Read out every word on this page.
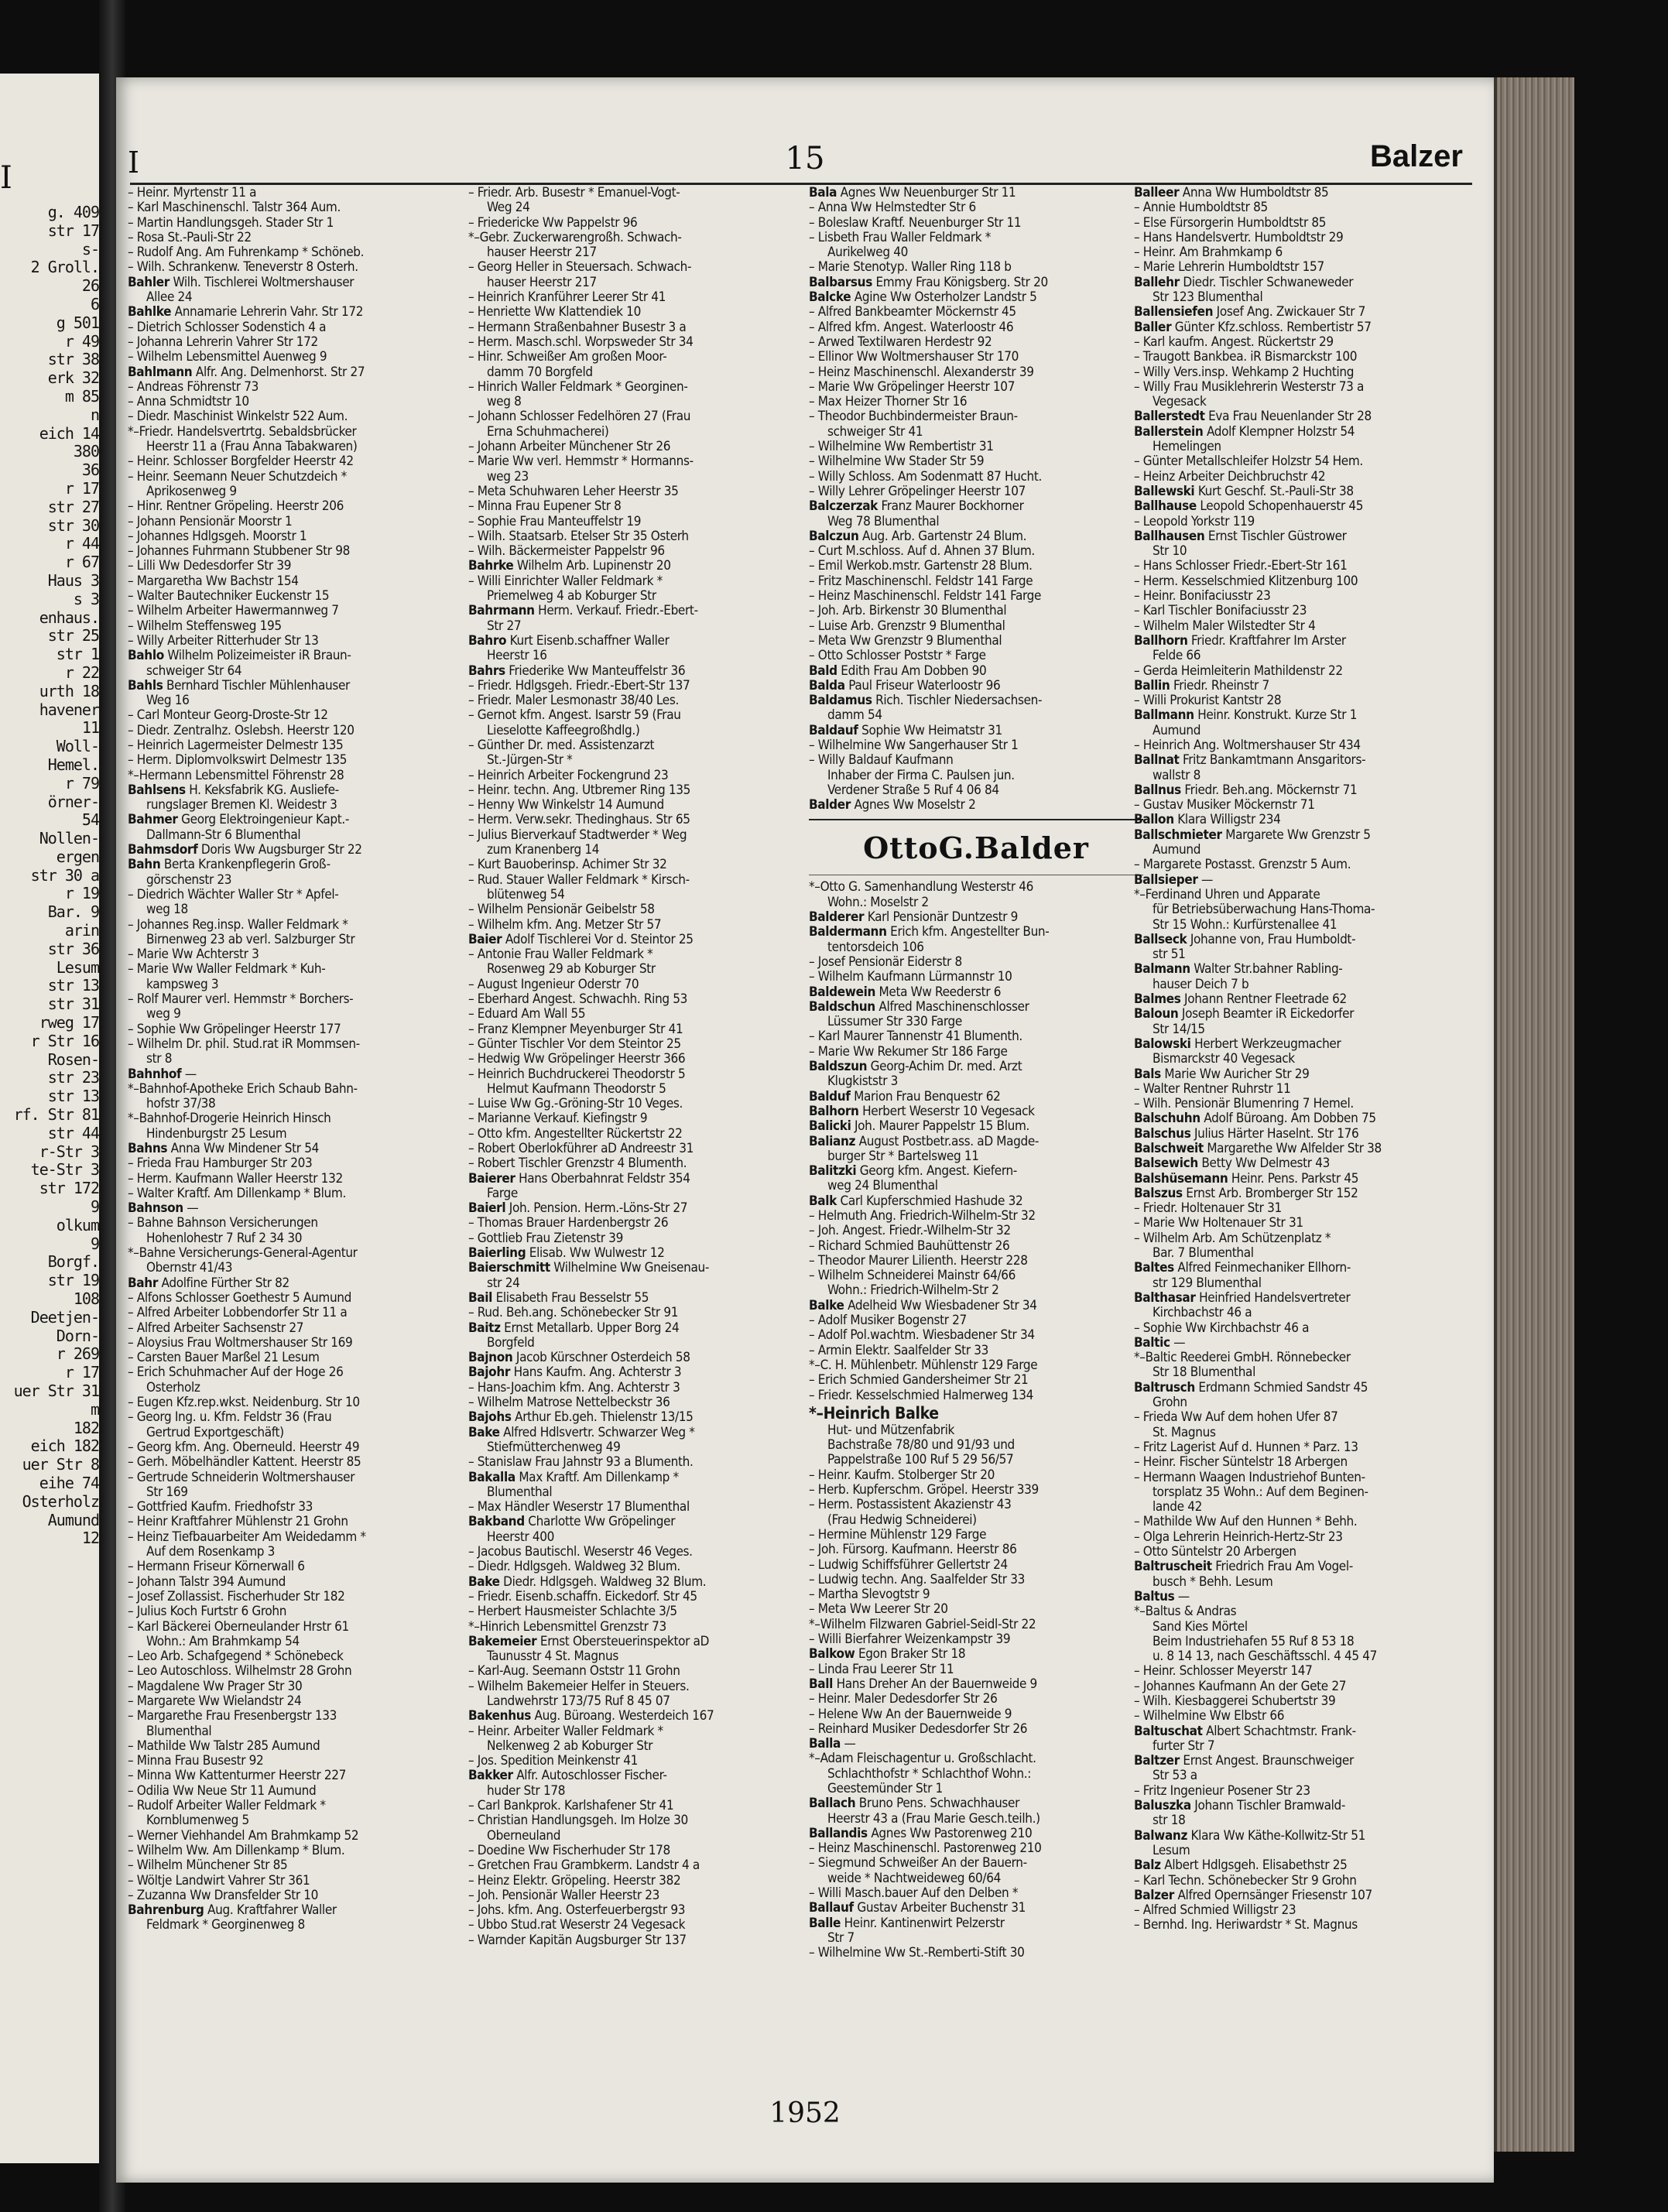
I
g. 409
str 17
s-
2 Groll.
26
6
g 501
r 49
str 38
erk 32
m 85
n
eich 14
380
36
r 17
str 27
str 30
r 44
r 67
Haus 3
s 3
enhaus.
str 25
str 1
r 22
urth 18
havener
11
Woll-
Hemel.
r 79
örner-
54
Nollen-
ergen
str 30 a
r 19
Bar. 9
arin
str 36
Lesum
str 13
str 31
rweg 17
r Str 16
Rosen-
str 23
str 13
rf. Str 81
str 44
r-Str 3
te-Str 3
str 172
9
olkum
9
Borgf.
str 19
108
Deetjen-
Dorn-
r 269
r 17
uer Str 31
m
182
eich 182
uer Str 8
eihe 74
Osterholz
Aumund
12
I	15	Balzer
– Heinr. Myrtenstr 11 a
– Karl Maschinenschl. Talstr 364 Aum.
– Martin Handlungsgeh. Stader Str 1
– Rosa St.-Pauli-Str 22
– Rudolf Ang. Am Fuhrenkamp * Schöneb.
– Wilh. Schrankenw. Teneverstr 8 Osterh.
Bahler Wilh. Tischlerei Woltmershauser
Allee 24
Bahlke Annamarie Lehrerin Vahr. Str 172
– Dietrich Schlosser Sodenstich 4 a
– Johanna Lehrerin Vahrer Str 172
– Wilhelm Lebensmittel Auenweg 9
Bahlmann Alfr. Ang. Delmenhorst. Str 27
– Andreas Föhrenstr 73
– Anna Schmidtstr 10
– Diedr. Maschinist Winkelstr 522 Aum.
*–Friedr. Handelsvertrtg. Sebaldsbrücker
Heerstr 11 a (Frau Anna Tabakwaren)
– Heinr. Schlosser Borgfelder Heerstr 42
– Heinr. Seemann Neuer Schutzdeich *
Aprikosenweg 9
– Hinr. Rentner Gröpeling. Heerstr 206
– Johann Pensionär Moorstr 1
– Johannes Hdlgsgeh. Moorstr 1
– Johannes Fuhrmann Stubbener Str 98
– Lilli Ww Dedesdorfer Str 39
– Margaretha Ww Bachstr 154
– Walter Bautechniker Euckenstr 15
– Wilhelm Arbeiter Hawermannweg 7
– Wilhelm Steffensweg 195
– Willy Arbeiter Ritterhuder Str 13
Bahlo Wilhelm Polizeimeister iR Braun-
schweiger Str 64
Bahls Bernhard Tischler Mühlenhauser
Weg 16
– Carl Monteur Georg-Droste-Str 12
– Diedr. Zentralhz. Oslebsh. Heerstr 120
– Heinrich Lagermeister Delmestr 135
– Herm. Diplomvolkswirt Delmestr 135
*–Hermann Lebensmittel Föhrenstr 28
Bahlsens H. Keksfabrik KG. Ausliefe-
rungslager Bremen Kl. Weidestr 3
Bahmer Georg Elektroingenieur Kapt.-
Dallmann-Str 6 Blumenthal
Bahmsdorf Doris Ww Augsburger Str 22
Bahn Berta Krankenpflegerin Groß-
görschenstr 23
– Diedrich Wächter Waller Str * Apfel-
weg 18
– Johannes Reg.insp. Waller Feldmark *
Birnenweg 23 ab verl. Salzburger Str
– Marie Ww Achterstr 3
– Marie Ww Waller Feldmark * Kuh-
kampsweg 3
– Rolf Maurer verl. Hemmstr * Borchers-
weg 9
– Sophie Ww Gröpelinger Heerstr 177
– Wilhelm Dr. phil. Stud.rat iR Mommsen-
str 8
Bahnhof —
*–Bahnhof-Apotheke Erich Schaub Bahn-
hofstr 37/38
*–Bahnhof-Drogerie Heinrich Hinsch
Hindenburgstr 25 Lesum
Bahns Anna Ww Mindener Str 54
– Frieda Frau Hamburger Str 203
– Herm. Kaufmann Waller Heerstr 132
– Walter Kraftf. Am Dillenkamp * Blum.
Bahnson —
– Bahne Bahnson Versicherungen
Hohenlohestr 7 Ruf 2 34 30
*–Bahne Versicherungs-General-Agentur
Obernstr 41/43
Bahr Adolfine Fürther Str 82
– Alfons Schlosser Goethestr 5 Aumund
– Alfred Arbeiter Lobbendorfer Str 11 a
– Alfred Arbeiter Sachsenstr 27
– Aloysius Frau Woltmershauser Str 169
– Carsten Bauer Marßel 21 Lesum
– Erich Schuhmacher Auf der Hoge 26
Osterholz
– Eugen Kfz.rep.wkst. Neidenburg. Str 10
– Georg Ing. u. Kfm. Feldstr 36 (Frau
Gertrud Exportgeschäft)
– Georg kfm. Ang. Oberneuld. Heerstr 49
– Gerh. Möbelhändler Kattent. Heerstr 85
– Gertrude Schneiderin Woltmershauser
Str 169
– Gottfried Kaufm. Friedhofstr 33
– Heinr Kraftfahrer Mühlenstr 21 Grohn
– Heinz Tiefbauarbeiter Am Weidedamm *
Auf dem Rosenkamp 3
– Hermann Friseur Körnerwall 6
– Johann Talstr 394 Aumund
– Josef Zollassist. Fischerhuder Str 182
– Julius Koch Furtstr 6 Grohn
– Karl Bäckerei Oberneulander Hrstr 61
Wohn.: Am Brahmkamp 54
– Leo Arb. Schafgegend * Schönebeck
– Leo Autoschloss. Wilhelmstr 28 Grohn
– Magdalene Ww Prager Str 30
– Margarete Ww Wielandstr 24
– Margarethe Frau Fresenbergstr 133
Blumenthal
– Mathilde Ww Talstr 285 Aumund
– Minna Frau Busestr 92
– Minna Ww Kattenturmer Heerstr 227
– Odilia Ww Neue Str 11 Aumund
– Rudolf Arbeiter Waller Feldmark *
Kornblumenweg 5
– Werner Viehhandel Am Brahmkamp 52
– Wilhelm Ww. Am Dillenkamp * Blum.
– Wilhelm Münchener Str 85
– Wöltje Landwirt Vahrer Str 361
– Zuzanna Ww Dransfelder Str 10
Bahrenburg Aug. Kraftfahrer Waller
Feldmark * Georginenweg 8
– Friedr. Arb. Busestr * Emanuel-Vogt-
Weg 24
– Friedericke Ww Pappelstr 96
*–Gebr. Zuckerwarengroßh. Schwach-
hauser Heerstr 217
– Georg Heller in Steuersach. Schwach-
hauser Heerstr 217
– Heinrich Kranführer Leerer Str 41
– Henriette Ww Klattendiek 10
– Hermann Straßenbahner Busestr 3 a
– Herm. Masch.schl. Worpsweder Str 34
– Hinr. Schweißer Am großen Moor-
damm 70 Borgfeld
– Hinrich Waller Feldmark * Georginen-
weg 8
– Johann Schlosser Fedelhören 27 (Frau
Erna Schuhmacherei)
– Johann Arbeiter Münchener Str 26
– Marie Ww verl. Hemmstr * Hormanns-
weg 23
– Meta Schuhwaren Leher Heerstr 35
– Minna Frau Eupener Str 8
– Sophie Frau Manteuffelstr 19
– Wilh. Staatsarb. Etelser Str 35 Osterh
– Wilh. Bäckermeister Pappelstr 96
Bahrke Wilhelm Arb. Lupinenstr 20
– Willi Einrichter Waller Feldmark *
Priemelweg 4 ab Koburger Str
Bahrmann Herm. Verkauf. Friedr.-Ebert-
Str 27
Bahro Kurt Eisenb.schaffner Waller
Heerstr 16
Bahrs Friederike Ww Manteuffelstr 36
– Friedr. Hdlgsgeh. Friedr.-Ebert-Str 137
– Friedr. Maler Lesmonastr 38/40 Les.
– Gernot kfm. Angest. Isarstr 59 (Frau
Lieselotte Kaffeegroßhdlg.)
– Günther Dr. med. Assistenzarzt
St.-Jürgen-Str *
– Heinrich Arbeiter Fockengrund 23
– Heinr. techn. Ang. Utbremer Ring 135
– Henny Ww Winkelstr 14 Aumund
– Herm. Verw.sekr. Thedinghaus. Str 65
– Julius Bierverkauf Stadtwerder * Weg
zum Kranenberg 14
– Kurt Bauoberinsp. Achimer Str 32
– Rud. Stauer Waller Feldmark * Kirsch-
blütenweg 54
– Wilhelm Pensionär Geibelstr 58
– Wilhelm kfm. Ang. Metzer Str 57
Baier Adolf Tischlerei Vor d. Steintor 25
– Antonie Frau Waller Feldmark *
Rosenweg 29 ab Koburger Str
– August Ingenieur Oderstr 70
– Eberhard Angest. Schwachh. Ring 53
– Eduard Am Wall 55
– Franz Klempner Meyenburger Str 41
– Günter Tischler Vor dem Steintor 25
– Hedwig Ww Gröpelinger Heerstr 366
– Heinrich Buchdruckerei Theodorstr 5
Helmut Kaufmann Theodorstr 5
– Luise Ww Gg.-Gröning-Str 10 Veges.
– Marianne Verkauf. Kiefingstr 9
– Otto kfm. Angestellter Rückertstr 22
– Robert Oberlokführer aD Andreestr 31
– Robert Tischler Grenzstr 4 Blumenth.
Baierer Hans Oberbahnrat Feldstr 354
Farge
Baierl Joh. Pension. Herm.-Löns-Str 27
– Thomas Brauer Hardenbergstr 26
– Gottlieb Frau Zietenstr 39
Baierling Elisab. Ww Wulwestr 12
Baierschmitt Wilhelmine Ww Gneisenau-
str 24
Bail Elisabeth Frau Besselstr 55
– Rud. Beh.ang. Schönebecker Str 91
Baitz Ernst Metallarb. Upper Borg 24
Borgfeld
Bajnon Jacob Kürschner Osterdeich 58
Bajohr Hans Kaufm. Ang. Achterstr 3
– Hans-Joachim kfm. Ang. Achterstr 3
– Wilhelm Matrose Nettelbeckstr 36
Bajohs Arthur Eb.geh. Thielenstr 13/15
Bake Alfred Hdlsvertr. Schwarzer Weg *
Stiefmütterchenweg 49
– Stanislaw Frau Jahnstr 93 a Blumenth.
Bakalla Max Kraftf. Am Dillenkamp *
Blumenthal
– Max Händler Weserstr 17 Blumenthal
Bakband Charlotte Ww Gröpelinger
Heerstr 400
– Jacobus Bautischl. Weserstr 46 Veges.
– Diedr. Hdlgsgeh. Waldweg 32 Blum.
Bake Diedr. Hdlgsgeh. Waldweg 32 Blum.
– Friedr. Eisenb.schaffn. Eickedorf. Str 45
– Herbert Hausmeister Schlachte 3/5
*–Hinrich Lebensmittel Grenzstr 73
Bakemeier Ernst Obersteuerinspektor aD
Taunusstr 4 St. Magnus
– Karl-Aug. Seemann Oststr 11 Grohn
– Wilhelm Bakemeier Helfer in Steuers.
Landwehrstr 173/75 Ruf 8 45 07
Bakenhus Aug. Büroang. Westerdeich 167
– Heinr. Arbeiter Waller Feldmark *
Nelkenweg 2 ab Koburger Str
– Jos. Spedition Meinkenstr 41
Bakker Alfr. Autoschlosser Fischer-
huder Str 178
– Carl Bankprok. Karlshafener Str 41
– Christian Handlungsgeh. Im Holze 30
Oberneuland
– Doedine Ww Fischerhuder Str 178
– Gretchen Frau Grambkerm. Landstr 4 a
– Heinz Elektr. Gröpeling. Heerstr 382
– Joh. Pensionär Waller Heerstr 23
– Johs. kfm. Ang. Osterfeuerbergstr 93
– Ubbo Stud.rat Weserstr 24 Vegesack
– Warnder Kapitän Augsburger Str 137
Bala Agnes Ww Neuenburger Str 11
– Anna Ww Helmstedter Str 6
– Boleslaw Kraftf. Neuenburger Str 11
– Lisbeth Frau Waller Feldmark *
Aurikelweg 40
– Marie Stenotyp. Waller Ring 118 b
Balbarsus Emmy Frau Königsberg. Str 20
Balcke Agine Ww Osterholzer Landstr 5
– Alfred Bankbeamter Möckernstr 45
– Alfred kfm. Angest. Waterloostr 46
– Arwed Textilwaren Herdestr 92
– Ellinor Ww Woltmershauser Str 170
– Heinz Maschinenschl. Alexanderstr 39
– Marie Ww Gröpelinger Heerstr 107
– Max Heizer Thorner Str 16
– Theodor Buchbindermeister Braun-
schweiger Str 41
– Wilhelmine Ww Rembertistr 31
– Wilhelmine Ww Stader Str 59
– Willy Schloss. Am Sodenmatt 87 Hucht.
– Willy Lehrer Gröpelinger Heerstr 107
Balczerzak Franz Maurer Bockhorner
Weg 78 Blumenthal
Balczun Aug. Arb. Gartenstr 24 Blum.
– Curt M.schloss. Auf d. Ahnen 37 Blum.
– Emil Werkob.mstr. Gartenstr 28 Blum.
– Fritz Maschinenschl. Feldstr 141 Farge
– Heinz Maschinenschl. Feldstr 141 Farge
– Joh. Arb. Birkenstr 30 Blumenthal
– Luise Arb. Grenzstr 9 Blumenthal
– Meta Ww Grenzstr 9 Blumenthal
– Otto Schlosser Poststr * Farge
Bald Edith Frau Am Dobben 90
Balda Paul Friseur Waterloostr 96
Baldamus Rich. Tischler Niedersachsen-
damm 54
Baldauf Sophie Ww Heimatstr 31
– Wilhelmine Ww Sangerhauser Str 1
– Willy Baldauf Kaufmann
Inhaber der Firma C. Paulsen jun.
Verdener Straße 5 Ruf 4 06 84
Balder Agnes Ww Moselstr 2
OttoG.Balder
*–Otto G. Samenhandlung Westerstr 46
Wohn.: Moselstr 2
Balderer Karl Pensionär Duntzestr 9
Baldermann Erich kfm. Angestellter Bun-
tentorsdeich 106
– Josef Pensionär Eiderstr 8
– Wilhelm Kaufmann Lürmannstr 10
Baldewein Meta Ww Reederstr 6
Baldschun Alfred Maschinenschlosser
Lüssumer Str 330 Farge
– Karl Maurer Tannenstr 41 Blumenth.
– Marie Ww Rekumer Str 186 Farge
Baldszun Georg-Achim Dr. med. Arzt
Klugkiststr 3
Balduf Marion Frau Benquestr 62
Balhorn Herbert Weserstr 10 Vegesack
Balicki Joh. Maurer Pappelstr 15 Blum.
Balianz August Postbetr.ass. aD Magde-
burger Str * Bartelsweg 11
Balitzki Georg kfm. Angest. Kiefern-
weg 24 Blumenthal
Balk Carl Kupferschmied Hashude 32
– Helmuth Ang. Friedrich-Wilhelm-Str 32
– Joh. Angest. Friedr.-Wilhelm-Str 32
– Richard Schmied Bauhüttenstr 26
– Theodor Maurer Lilienth. Heerstr 228
– Wilhelm Schneiderei Mainstr 64/66
Wohn.: Friedrich-Wilhelm-Str 2
Balke Adelheid Ww Wiesbadener Str 34
– Adolf Musiker Bogenstr 27
– Adolf Pol.wachtm. Wiesbadener Str 34
– Armin Elektr. Saalfelder Str 33
*–C. H. Mühlenbetr. Mühlenstr 129 Farge
– Erich Schmied Gandersheimer Str 21
– Friedr. Kesselschmied Halmerweg 134
*–Heinrich Balke
Hut- und Mützenfabrik
Bachstraße 78/80 und 91/93 und
Pappelstraße 100 Ruf 5 29 56/57
– Heinr. Kaufm. Stolberger Str 20
– Herb. Kupferschm. Gröpel. Heerstr 339
– Herm. Postassistent Akazienstr 43
(Frau Hedwig Schneiderei)
– Hermine Mühlenstr 129 Farge
– Joh. Fürsorg. Kaufmann. Heerstr 86
– Ludwig Schiffsführer Gellertstr 24
– Ludwig techn. Ang. Saalfelder Str 33
– Martha Slevogtstr 9
– Meta Ww Leerer Str 20
*–Wilhelm Filzwaren Gabriel-Seidl-Str 22
– Willi Bierfahrer Weizenkampstr 39
Balkow Egon Braker Str 18
– Linda Frau Leerer Str 11
Ball Hans Dreher An der Bauernweide 9
– Heinr. Maler Dedesdorfer Str 26
– Helene Ww An der Bauernweide 9
– Reinhard Musiker Dedesdorfer Str 26
Balla —
*–Adam Fleischagentur u. Großschlacht.
Schlachthofstr * Schlachthof Wohn.:
Geestemünder Str 1
Ballach Bruno Pens. Schwachhauser
Heerstr 43 a (Frau Marie Gesch.teilh.)
Ballandis Agnes Ww Pastorenweg 210
– Heinz Maschinenschl. Pastorenweg 210
– Siegmund Schweißer An der Bauern-
weide * Nachtweideweg 60/64
– Willi Masch.bauer Auf den Delben *
Ballauf Gustav Arbeiter Buchenstr 31
Balle Heinr. Kantinenwirt Pelzerstr
Str 7
– Wilhelmine Ww St.-Remberti-Stift 30
Balleer Anna Ww Humboldtstr 85
– Annie Humboldtstr 85
– Else Fürsorgerin Humboldtstr 85
– Hans Handelsvertr. Humboldtstr 29
– Heinr. Am Brahmkamp 6
– Marie Lehrerin Humboldtstr 157
Ballehr Diedr. Tischler Schwaneweder
Str 123 Blumenthal
Ballensiefen Josef Ang. Zwickauer Str 7
Baller Günter Kfz.schloss. Rembertistr 57
– Karl kaufm. Angest. Rückertstr 29
– Traugott Bankbea. iR Bismarckstr 100
– Willy Vers.insp. Wehkamp 2 Huchting
– Willy Frau Musiklehrerin Westerstr 73 a
Vegesack
Ballerstedt Eva Frau Neuenlander Str 28
Ballerstein Adolf Klempner Holzstr 54
Hemelingen
– Günter Metallschleifer Holzstr 54 Hem.
– Heinz Arbeiter Deichbruchstr 42
Ballewski Kurt Geschf. St.-Pauli-Str 38
Ballhause Leopold Schopenhauerstr 45
– Leopold Yorkstr 119
Ballhausen Ernst Tischler Güstrower
Str 10
– Hans Schlosser Friedr.-Ebert-Str 161
– Herm. Kesselschmied Klitzenburg 100
– Heinr. Bonifaciusstr 23
– Karl Tischler Bonifaciusstr 23
– Wilhelm Maler Wilstedter Str 4
Ballhorn Friedr. Kraftfahrer Im Arster
Felde 66
– Gerda Heimleiterin Mathildenstr 22
Ballin Friedr. Rheinstr 7
– Willi Prokurist Kantstr 28
Ballmann Heinr. Konstrukt. Kurze Str 1
Aumund
– Heinrich Ang. Woltmershauser Str 434
Ballnat Fritz Bankamtmann Ansgaritors-
wallstr 8
Ballnus Friedr. Beh.ang. Möckernstr 71
– Gustav Musiker Möckernstr 71
Ballon Klara Willigstr 234
Ballschmieter Margarete Ww Grenzstr 5
Aumund
– Margarete Postasst. Grenzstr 5 Aum.
Ballsieper —
*–Ferdinand Uhren und Apparate
für Betriebsüberwachung Hans-Thoma-
Str 15 Wohn.: Kurfürstenallee 41
Ballseck Johanne von, Frau Humboldt-
str 51
Balmann Walter Str.bahner Rabling-
hauser Deich 7 b
Balmes Johann Rentner Fleetrade 62
Baloun Joseph Beamter iR Eickedorfer
Str 14/15
Balowski Herbert Werkzeugmacher
Bismarckstr 40 Vegesack
Bals Marie Ww Auricher Str 29
– Walter Rentner Ruhrstr 11
– Wilh. Pensionär Blumenring 7 Hemel.
Balschuhn Adolf Büroang. Am Dobben 75
Balschus Julius Härter Haselnt. Str 176
Balschweit Margarethe Ww Alfelder Str 38
Balsewich Betty Ww Delmestr 43
Balshüsemann Heinr. Pens. Parkstr 45
Balszus Ernst Arb. Bromberger Str 152
– Friedr. Holtenauer Str 31
– Marie Ww Holtenauer Str 31
– Wilhelm Arb. Am Schützenplatz *
Bar. 7 Blumenthal
Baltes Alfred Feinmechaniker Ellhorn-
str 129 Blumenthal
Balthasar Heinfried Handelsvertreter
Kirchbachstr 46 a
– Sophie Ww Kirchbachstr 46 a
Baltic —
*–Baltic Reederei GmbH. Rönnebecker
Str 18 Blumenthal
Baltrusch Erdmann Schmied Sandstr 45
Grohn
– Frieda Ww Auf dem hohen Ufer 87
St. Magnus
– Fritz Lagerist Auf d. Hunnen * Parz. 13
– Heinr. Fischer Süntelstr 18 Arbergen
– Hermann Waagen Industriehof Bunten-
torsplatz 35 Wohn.: Auf dem Beginen-
lande 42
– Mathilde Ww Auf den Hunnen * Behh.
– Olga Lehrerin Heinrich-Hertz-Str 23
– Otto Süntelstr 20 Arbergen
Baltruscheit Friedrich Frau Am Vogel-
busch * Behh. Lesum
Baltus —
*–Baltus & Andras
Sand Kies Mörtel
Beim Industriehafen 55 Ruf 8 53 18
u. 8 14 13, nach Geschäftsschl. 4 45 47
– Heinr. Schlosser Meyerstr 147
– Johannes Kaufmann An der Gete 27
– Wilh. Kiesbaggerei Schubertstr 39
– Wilhelmine Ww Elbstr 66
Baltuschat Albert Schachtmstr. Frank-
furter Str 7
Baltzer Ernst Angest. Braunschweiger
Str 53 a
– Fritz Ingenieur Posener Str 23
Baluszka Johann Tischler Bramwald-
str 18
Balwanz Klara Ww Käthe-Kollwitz-Str 51
Lesum
Balz Albert Hdlgsgeh. Elisabethstr 25
– Karl Techn. Schönebecker Str 9 Grohn
Balzer Alfred Opernsänger Friesenstr 107
– Alfred Schmied Willigstr 23
– Bernhd. Ing. Heriwardstr * St. Magnus
1952
